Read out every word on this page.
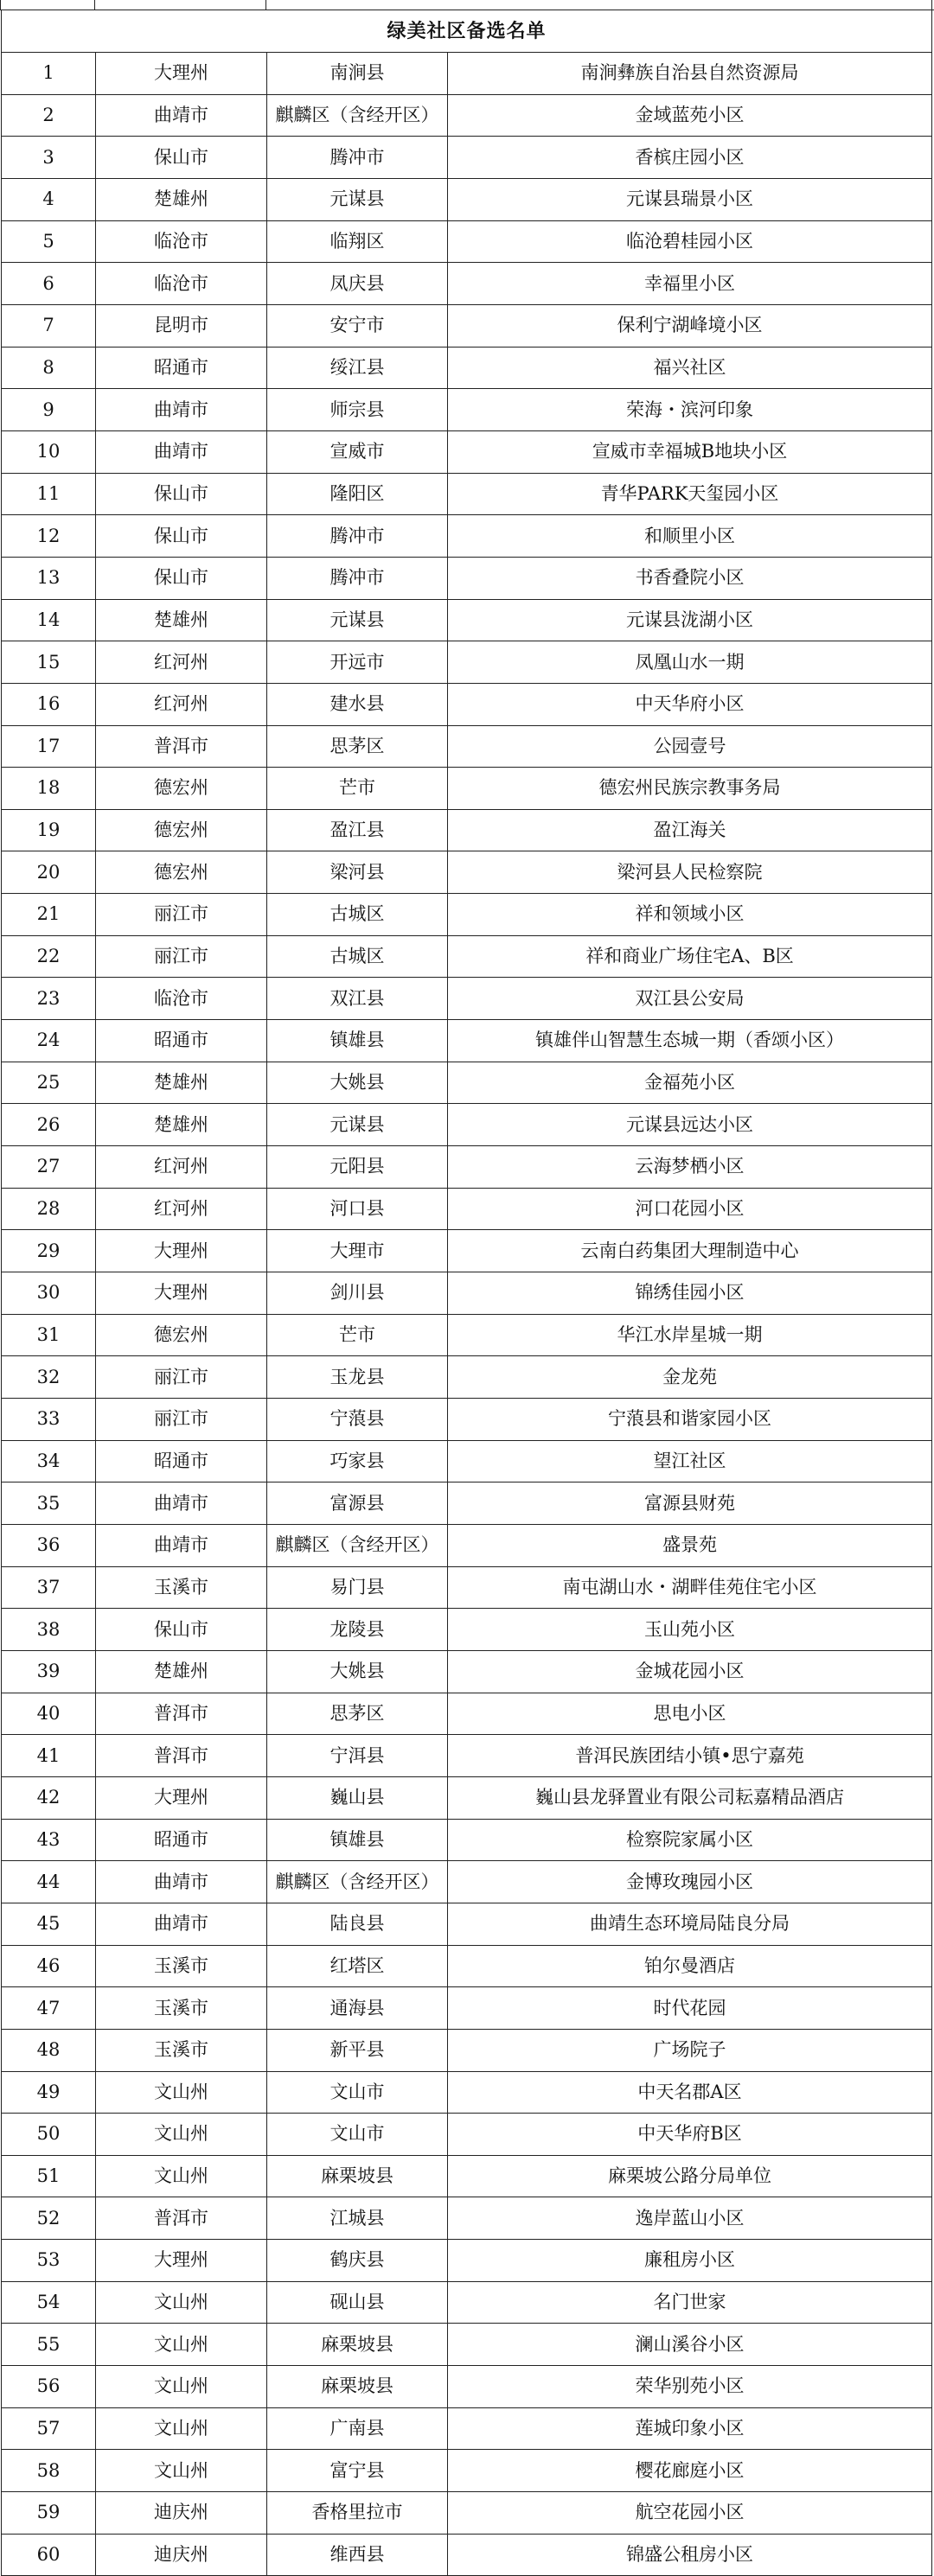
绿美社区备选名单			
1	大理州	南涧县	南涧彝族自治县自然资源局
2	曲靖市	麒麟区（含经开区）	金域蓝苑小区
3	保山市	腾冲市	香槟庄园小区
4	楚雄州	元谋县	元谋县瑞景小区
5	临沧市	临翔区	临沧碧桂园小区
6	临沧市	凤庆县	幸福里小区
7	昆明市	安宁市	保利宁湖峰境小区
8	昭通市	绥江县	福兴社区
9	曲靖市	师宗县	荣海・滨河印象
10	曲靖市	宣威市	宣威市幸福城B地块小区
11	保山市	隆阳区	青华PARK天玺园小区
12	保山市	腾冲市	和顺里小区
13	保山市	腾冲市	书香叠院小区
14	楚雄州	元谋县	元谋县泷湖小区
15	红河州	开远市	凤凰山水一期
16	红河州	建水县	中天华府小区
17	普洱市	思茅区	公园壹号
18	德宏州	芒市	德宏州民族宗教事务局
19	德宏州	盈江县	盈江海关
20	德宏州	梁河县	梁河县人民检察院
21	丽江市	古城区	祥和领域小区
22	丽江市	古城区	祥和商业广场住宅A、B区
23	临沧市	双江县	双江县公安局
24	昭通市	镇雄县	镇雄伴山智慧生态城一期（香颂小区）
25	楚雄州	大姚县	金福苑小区
26	楚雄州	元谋县	元谋县远达小区
27	红河州	元阳县	云海梦栖小区
28	红河州	河口县	河口花园小区
29	大理州	大理市	云南白药集团大理制造中心
30	大理州	剑川县	锦绣佳园小区
31	德宏州	芒市	华江水岸星城一期
32	丽江市	玉龙县	金龙苑
33	丽江市	宁蒗县	宁蒗县和谐家园小区
34	昭通市	巧家县	望江社区
35	曲靖市	富源县	富源县财苑
36	曲靖市	麒麟区（含经开区）	盛景苑
37	玉溪市	易门县	南屯湖山水・湖畔佳苑住宅小区
38	保山市	龙陵县	玉山苑小区
39	楚雄州	大姚县	金城花园小区
40	普洱市	思茅区	思电小区
41	普洱市	宁洱县	普洱民族团结小镇•思宁嘉苑
42	大理州	巍山县	巍山县龙驿置业有限公司耘嘉精品酒店
43	昭通市	镇雄县	检察院家属小区
44	曲靖市	麒麟区（含经开区）	金博玫瑰园小区
45	曲靖市	陆良县	曲靖生态环境局陆良分局
46	玉溪市	红塔区	铂尔曼酒店
47	玉溪市	通海县	时代花园
48	玉溪市	新平县	广场院子
49	文山州	文山市	中天名郡A区
50	文山州	文山市	中天华府B区
51	文山州	麻栗坡县	麻栗坡公路分局单位
52	普洱市	江城县	逸岸蓝山小区
53	大理州	鹤庆县	廉租房小区
54	文山州	砚山县	名门世家
55	文山州	麻栗坡县	澜山溪谷小区
56	文山州	麻栗坡县	荣华别苑小区
57	文山州	广南县	莲城印象小区
58	文山州	富宁县	樱花廊庭小区
59	迪庆州	香格里拉市	航空花园小区
60	迪庆州	维西县	锦盛公租房小区
